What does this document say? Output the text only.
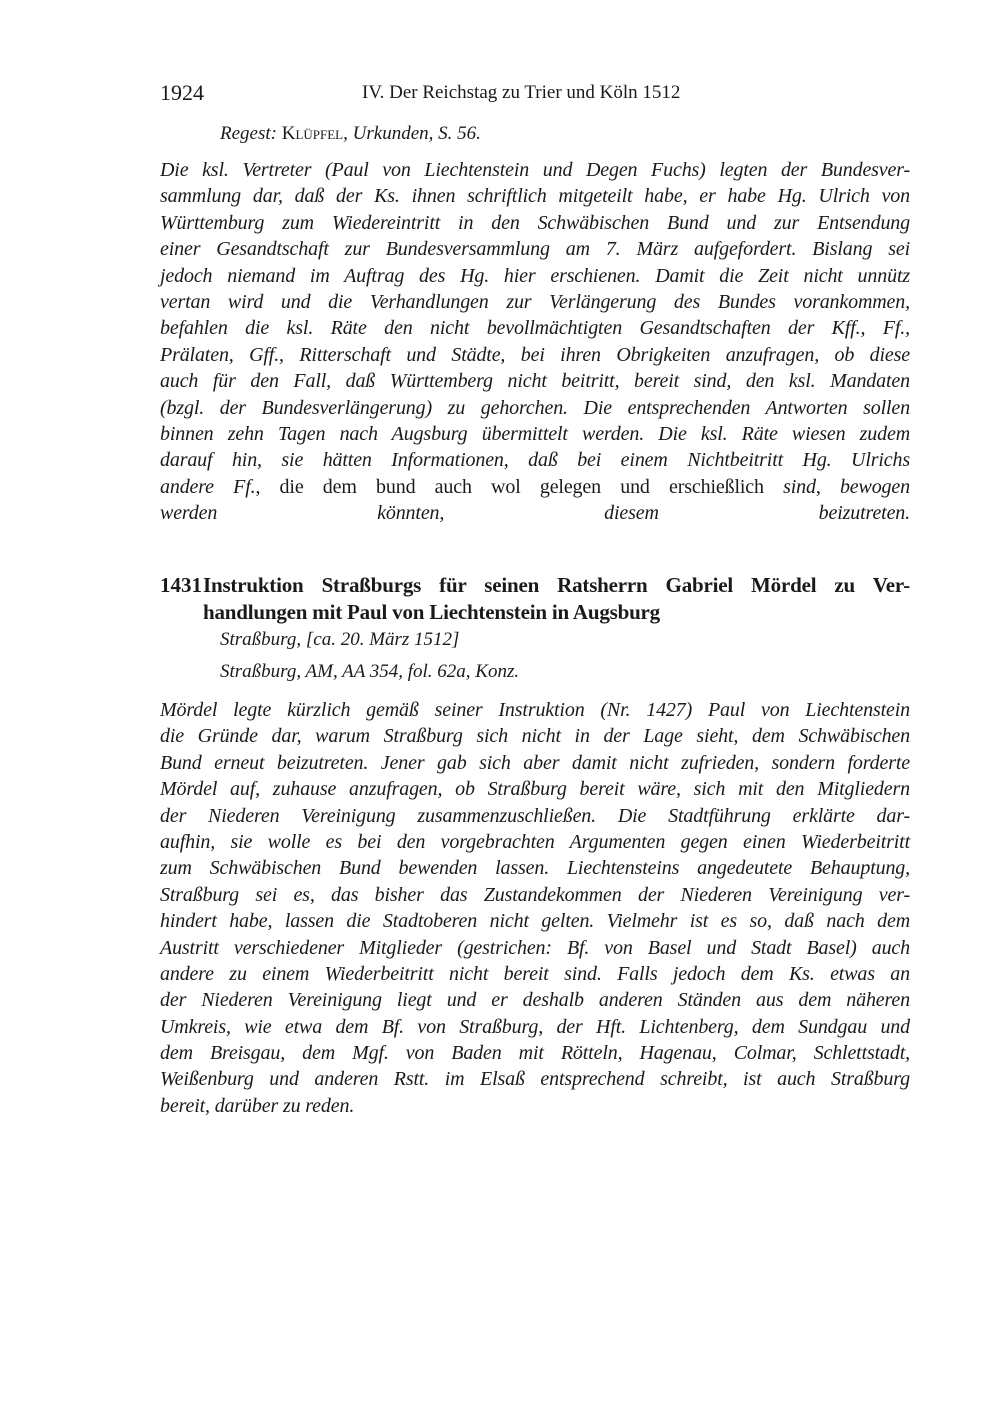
1924	IV. Der Reichstag zu Trier und Köln 1512
Regest: Klüpfel, Urkunden, S. 56.
Die ksl. Vertreter (Paul von Liechtenstein und Degen Fuchs) legten der Bundesver-
sammlung dar, daß der Ks. ihnen schriftlich mitgeteilt habe, er habe Hg. Ulrich von
Württemburg zum Wiedereintritt in den Schwäbischen Bund und zur Entsendung
einer Gesandtschaft zur Bundesversammlung am 7. März aufgefordert. Bislang sei
jedoch niemand im Auftrag des Hg. hier erschienen. Damit die Zeit nicht unnütz
vertan wird und die Verhandlungen zur Verlängerung des Bundes vorankommen,
befahlen die ksl. Räte den nicht bevollmächtigten Gesandtschaften der Kff., Ff.,
Prälaten, Gff., Ritterschaft und Städte, bei ihren Obrigkeiten anzufragen, ob diese
auch für den Fall, daß Württemberg nicht beitritt, bereit sind, den ksl. Mandaten
(bzgl. der Bundesverlängerung) zu gehorchen. Die entsprechenden Antworten sollen
binnen zehn Tagen nach Augsburg übermittelt werden. Die ksl. Räte wiesen zudem
darauf hin, sie hätten Informationen, daß bei einem Nichtbeitritt Hg. Ulrichs
andere Ff., die dem bund auch wol gelegen und erschießlich sind, bewogen
werden könnten, diesem beizutreten.
1431 Instruktion Straßburgs für seinen Ratsherrn Gabriel Mördel zu Ver-
handlungen mit Paul von Liechtenstein in Augsburg
Straßburg, [ca. 20. März 1512]
Straßburg, AM, AA 354, fol. 62a, Konz.
Mördel legte kürzlich gemäß seiner Instruktion (Nr. 1427) Paul von Liechtenstein
die Gründe dar, warum Straßburg sich nicht in der Lage sieht, dem Schwäbischen
Bund erneut beizutreten. Jener gab sich aber damit nicht zufrieden, sondern forderte
Mördel auf, zuhause anzufragen, ob Straßburg bereit wäre, sich mit den Mitgliedern
der Niederen Vereinigung zusammenzuschließen. Die Stadtführung erklärte dar-
aufhin, sie wolle es bei den vorgebrachten Argumenten gegen einen Wiederbeitritt
zum Schwäbischen Bund bewenden lassen. Liechtensteins angedeutete Behauptung,
Straßburg sei es, das bisher das Zustandekommen der Niederen Vereinigung ver-
hindert habe, lassen die Stadtoberen nicht gelten. Vielmehr ist es so, daß nach dem
Austritt verschiedener Mitglieder (gestrichen: Bf. von Basel und Stadt Basel) auch
andere zu einem Wiederbeitritt nicht bereit sind. Falls jedoch dem Ks. etwas an
der Niederen Vereinigung liegt und er deshalb anderen Ständen aus dem näheren
Umkreis, wie etwa dem Bf. von Straßburg, der Hft. Lichtenberg, dem Sundgau und
dem Breisgau, dem Mgf. von Baden mit Rötteln, Hagenau, Colmar, Schlettstadt,
Weißenburg und anderen Rstt. im Elsaß entsprechend schreibt, ist auch Straßburg
bereit, darüber zu reden.
